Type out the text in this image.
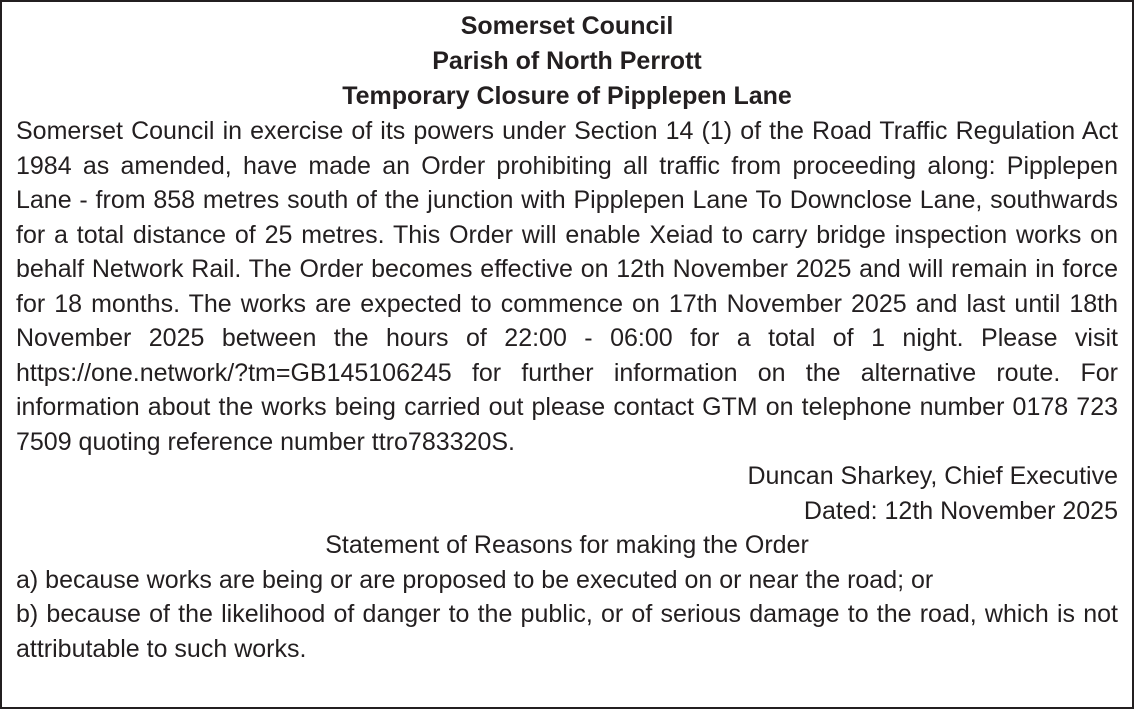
Somerset Council
Parish of North Perrott
Temporary Closure of Pipplepen Lane

Somerset Council in exercise of its powers under Section 14 (1) of the Road Traffic Regulation Act 1984 as amended, have made an Order prohibiting all traffic from proceeding along: Pipplepen Lane - from 858 metres south of the junction with Pipplepen Lane To Downclose Lane, southwards for a total distance of 25 metres. This Order will enable Xeiad to carry bridge inspection works on behalf Network Rail. The Order becomes effective on 12th November 2025 and will remain in force for 18 months. The works are expected to commence on 17th November 2025 and last until 18th November 2025 between the hours of 22:00 - 06:00 for a total of 1 night. Please visit https://one.network/?tm=GB145106245 for further information on the alternative route. For information about the works being carried out please contact GTM on telephone number 0178 723 7509 quoting reference number ttro783320S.

Duncan Sharkey, Chief Executive

Dated: 12th November 2025

Statement of Reasons for making the Order

a) because works are being or are proposed to be executed on or near the road; or

b) because of the likelihood of danger to the public, or of serious damage to the road, which is not attributable to such works.
